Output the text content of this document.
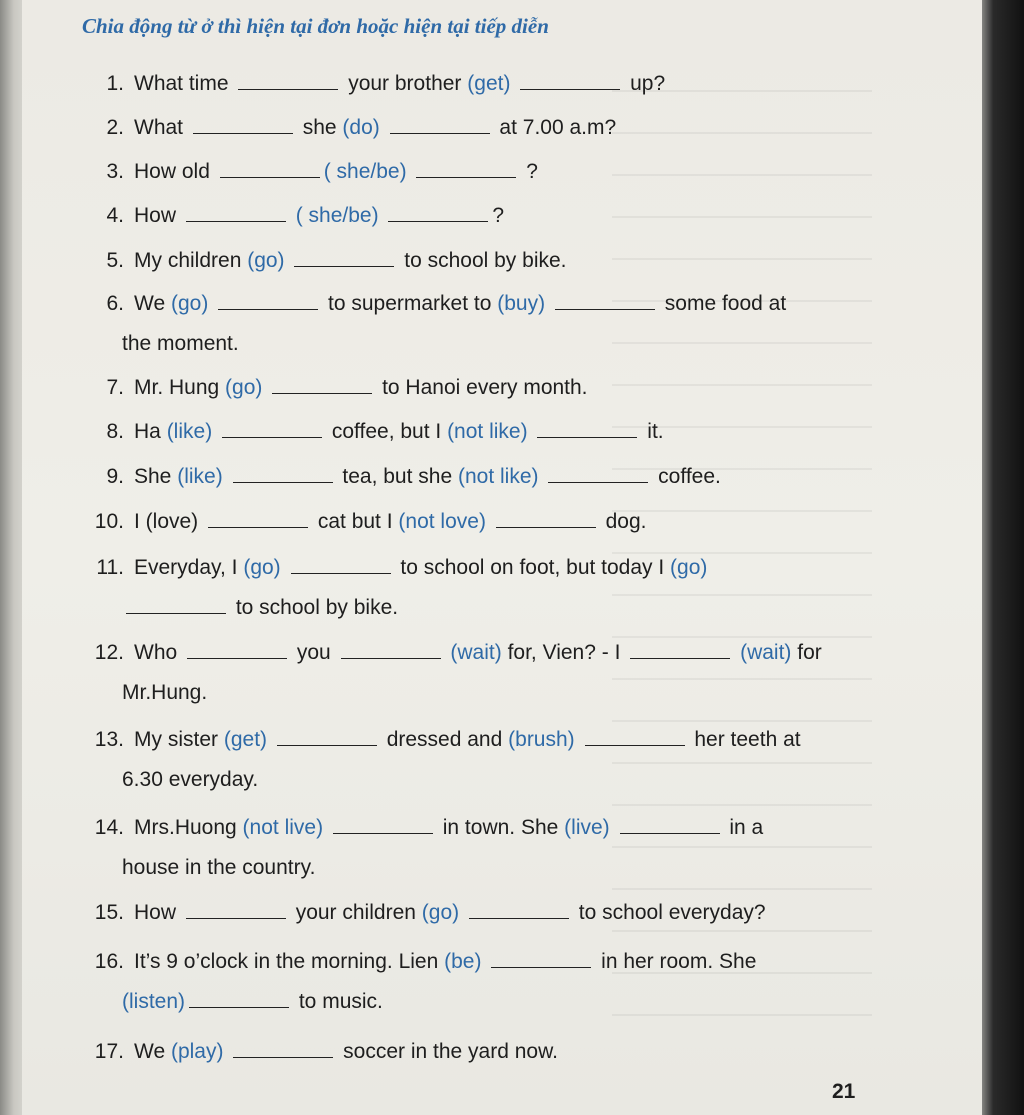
Chia động từ ở thì hiện tại đơn hoặc hiện tại tiếp diễn
1. What time	your brother (get)	up?
2. What	she (do)	at 7.00 a.m?
3. How old	( she/be)	?
4. How	( she/be)	?
5. My children (go)	to school by bike.
6. We (go)	to supermarket to (buy)	some food at
the moment.
7. Mr. Hung (go)	to Hanoi every month.
8. Ha (like)	coffee, but I (not like)	it.
9. She (like)	tea, but she (not like)	coffee.
10. I (love)	cat but I (not love)	dog.
11. Everyday, I (go)	to school on foot, but today I (go)
to school by bike.
12. Who	you	(wait) for, Vien? - I	(wait) for
Mr.Hung.
13. My sister (get)	dressed and (brush)	her teeth at
6.30 everyday.
14. Mrs.Huong (not live)	in town. She (live)	in a
house in the country.
15. How	your children (go)	to school everyday?
16. It’s 9 o’clock in the morning. Lien (be)	in her room. She
(listen)	to music.
17. We (play)	soccer in the yard now.
21
